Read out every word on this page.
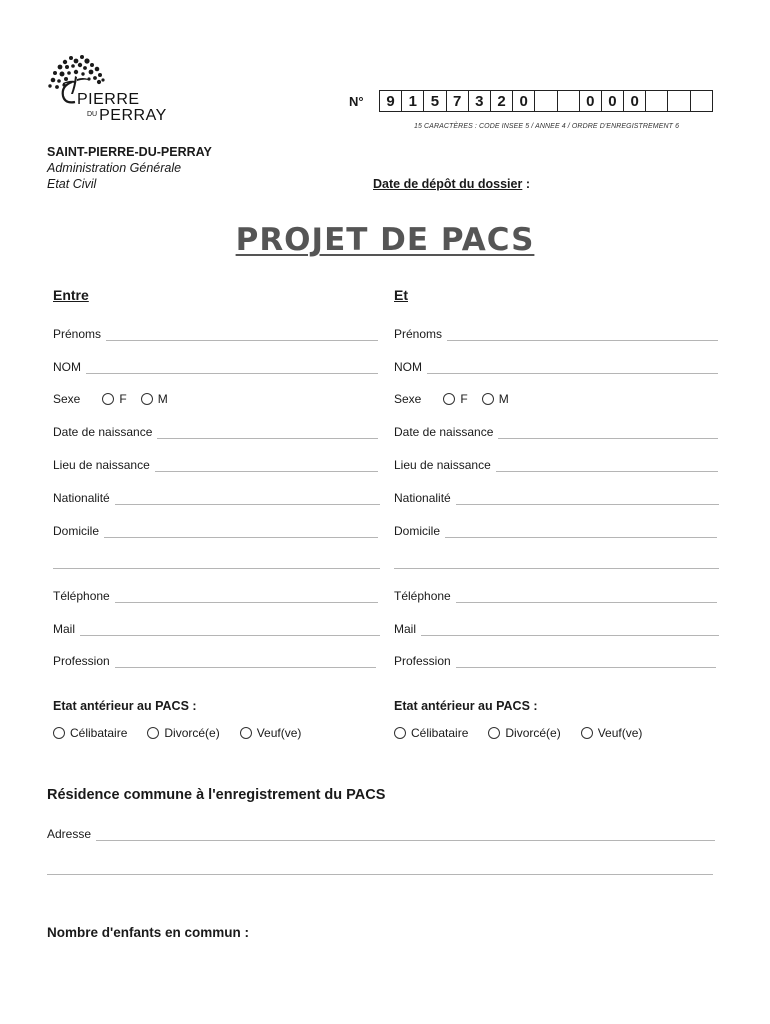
PIERRE
$^{DU}$ PERRAY
N°	9 1 5 7 3 2 0	0 0 0
15 CARACTÈRES : CODE INSEE 5 / ANNEE 4 / ORDRE D'ENREGISTREMENT 6
SAINT-PIERRE-DU-PERRAY
Administration Générale
Etat Civil	Date de dépôt du dossier :
PROJET DE PACS
Entre
Prénoms
NOM
Sexe	F	M
Date de naissance
Lieu de naissance
Nationalité
Domicile
Téléphone
Mail
Profession
Etat antérieur au PACS :
Célibataire	Divorcé(e)	Veuf(ve)
Et
Prénoms
NOM
Sexe	F	M
Date de naissance
Lieu de naissance
Nationalité
Domicile
Téléphone
Mail
Profession
Etat antérieur au PACS :
Célibataire	Divorcé(e)	Veuf(ve)
Résidence commune à l'enregistrement du PACS
Adresse
Nombre d'enfants en commun :
